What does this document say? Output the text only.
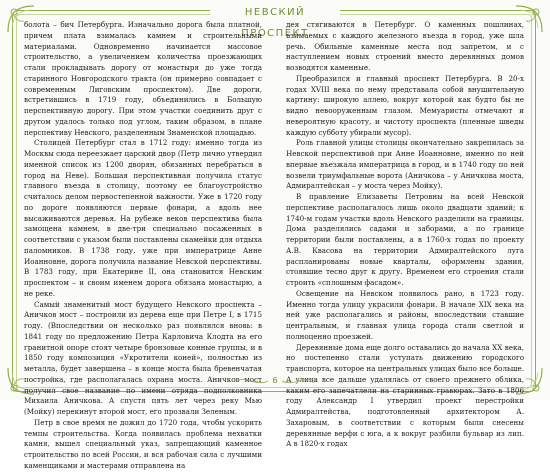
НЕВСКИЙ ПРОСПЕКТ

болота – бич Петербурга. Изначально дорога была платной, причем плата взималась камнем и строительными материалами. Одновременно начинается массовое строительство, а увеличением количества проезжающих стали прокладывать дорогу от монастыря до уже тогда старинного Новгородского тракта (он примерно совпадает с современным Лиговским проспектом). Две дороги, встретившись в 1719 году, объединились в Большую перспективную дорогу. При этом участки соединить друг с другом удалось только под углом, таким образом, в плане перспективу Невского, разделенным Знаменской площадью.

Столицей Петербург стал в 1712 году: именно тогда из Москвы сюда переезжает царский двор (Петр лично утвердил именной список из 1200 дворян, обязанных перебраться в город на Неве). Большая перспективная получила статус главного въезда в столицу, поэтому ее благоустройство считалось делом первостепенной важности. Уже в 1720 году по дороге появляются первые фонари, а вдоль нее высаживаются деревья. На рубеже веков перспектива была замощена камнем, в две-три специально посаженных в соответствии с указом были поставлены скамейки для отдыха паломников. В 1738 году, уже при императрице Анне Иоанновне, дорога получила название Невской перспективы. В 1783 году, при Екатерине II, она становится Невским проспектом – и своим именем дорога обязана монастырю, а не реке.

Самый знаменитый мост будущего Невского проспекта – Аничков мост – построили из дерева еще при Петре I, в 1715 году. (Впоследствии он несколько раз появлялся вновь: в 1841 году по предложению Петра Карловича Клодта на его гранитной опоре стоят четыре бронзовые конные группы, и в 1850 году композиция «Укротители коней», полностью из металла, будет завершена – в конце моста была бревенчатая постройка, где располагалась охрана моста. Аничков мост получил свое название по имени отряда подполковника Михаила Аничкова. А спустя пять лет через реку Мью (Мойку) перекинут второй мост, его прозвали Зеленым.

Петр в свое время не дожил до 1720 года, чтобы ускорить темпы строительства. Когда появилась проблема нехватки камня, вышел специальный указ, запрещающий каменное строительство по всей России, и вся рабочая сила с лучшими каменщиками и мастерами отправлена на

дея стягиваются в Петербург. О каменных пошлинах, взимаемых с каждого железного въезда в город, уже шла речь. Обильные каменные места под запретом, и с наступлением новых строений вместо деревянных домов возводятся каменные.

Преобразился и главный проспект Петербурга. В 20-х годах XVIII века по нему представала собой внушительную картину: широкую аллею, вокруг которой как будто бы не видно невооруженным глазом. Мемуаристы отмечают и невероятную красоту, и чистоту проспекта (пленные шведы каждую субботу убирали мусор).

Роль главной улицы столицы окончательно закрепилась за Невской перспективой при Анне Иоанновне, именно по ней впервые въезжала императрица в город, и в 1740 году по ней возвели триумфальные ворота (Аничкова – у Аничкова моста, Адмиралтейская – у моста через Мойку).

В правление Елизаветы Петровны на всей Невской перспективе располагалось лишь около двадцати зданий; к 1740-м годам участки вдоль Невского разделили на границы. Дома разделялись садами и заборами, а по границе территории были поставлены, а в 1760-х годах по проекту А.В. Квасова на территории Адмиралтейского луга распланированы новые кварталы, оформлены здания, стоявшие тесно друг к другу. Временем его строения стали строить «сплошным фасадом».

Освещение на Невском появилось рано, в 1723 году. Именно тогда улицу украсили фонари. В начале XIX века на ней уже располагались и районы, впоследствии ставшие центральным, и главная улица города стали светлой и полноценно проезжей.

Деревянные дома еще долго оставались до начала XX века, но постепенно стали уступать движению городского транспорта, которое на центральных улицах было все больше. А улица все дальше удалялась от своего прежнего облика, каким его запечатлели на старинных гравюрах. Зато в 1806 году Александр I утвердил проект перестройки Адмиралтейства, подготовленный архитектором А. Захаровым, в соответствии с которым были снесены деревянные верфи с юга, а к вокруг разбили бульвар из лип. А в 1820-х годах

6
